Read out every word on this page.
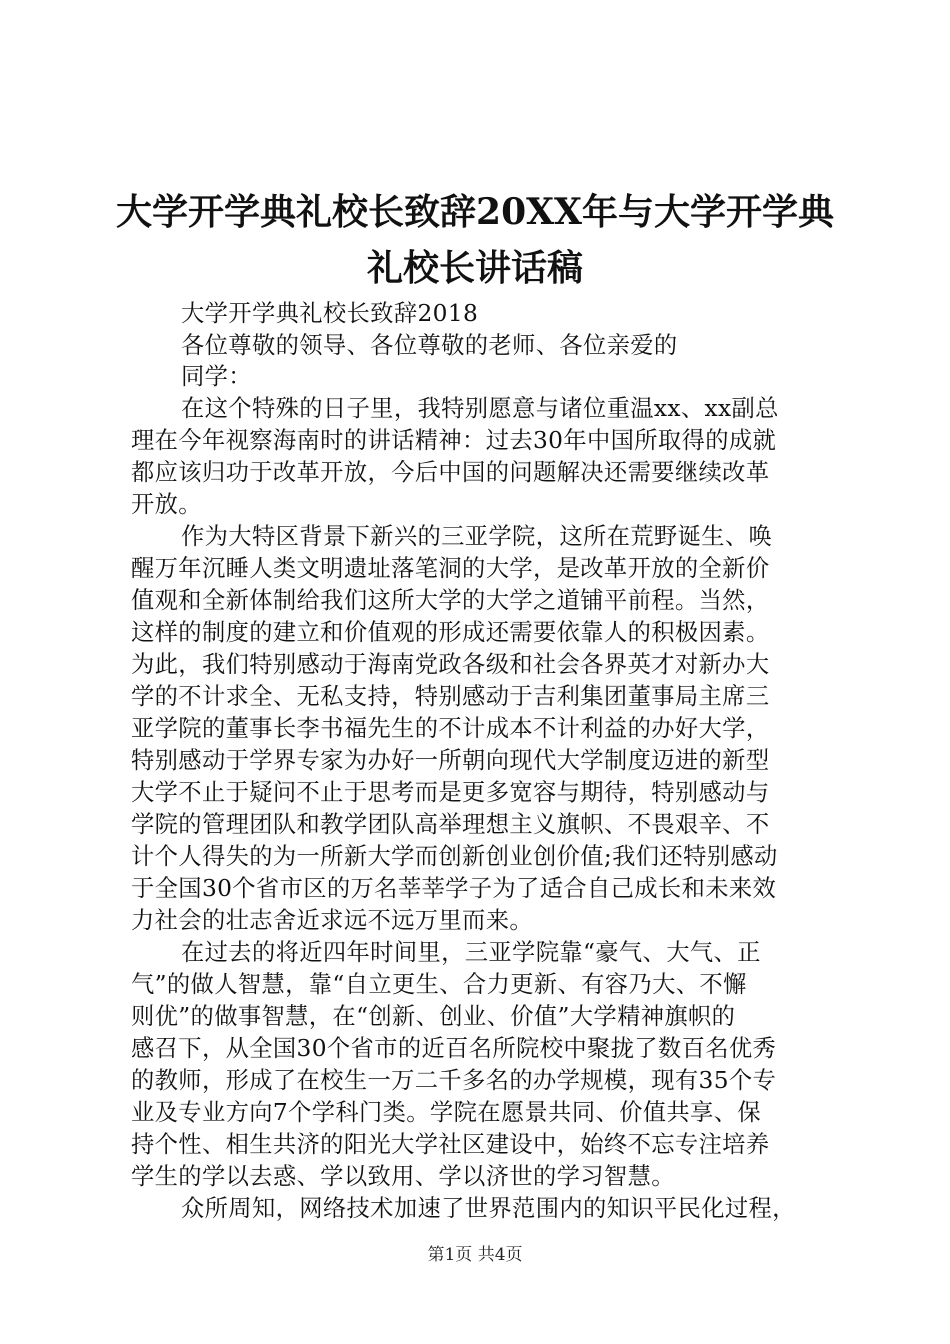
大学开学典礼校长致辞20XX年与大学开学典
礼校长讲话稿
大学开学典礼校长致辞2018
各位尊敬的领导、各位尊敬的老师、各位亲爱的
同学：
在这个特殊的日子里，我特别愿意与诸位重温xx、xx副总
理在今年视察海南时的讲话精神：过去30年中国所取得的成就
都应该归功于改革开放，今后中国的问题解决还需要继续改革
开放。
作为大特区背景下新兴的三亚学院，这所在荒野诞生、唤
醒万年沉睡人类文明遗址落笔洞的大学，是改革开放的全新价
值观和全新体制给我们这所大学的大学之道铺平前程。当然，
这样的制度的建立和价值观的形成还需要依靠人的积极因素。
为此，我们特别感动于海南党政各级和社会各界英才对新办大
学的不计求全、无私支持，特别感动于吉利集团董事局主席三
亚学院的董事长李书福先生的不计成本不计利益的办好大学，
特别感动于学界专家为办好一所朝向现代大学制度迈进的新型
大学不止于疑问不止于思考而是更多宽容与期待，特别感动与
学院的管理团队和教学团队高举理想主义旗帜、不畏艰辛、不
计个人得失的为一所新大学而创新创业创价值;我们还特别感动
于全国30个省市区的万名莘莘学子为了适合自己成长和未来效
力社会的壮志舍近求远不远万里而来。
在过去的将近四年时间里，三亚学院靠“豪气、大气、正
气”的做人智慧，靠“自立更生、合力更新、有容乃大、不懈
则优”的做事智慧，在“创新、创业、价值”大学精神旗帜的
感召下，从全国30个省市的近百名所院校中聚拢了数百名优秀
的教师，形成了在校生一万二千多名的办学规模，现有35个专
业及专业方向7个学科门类。学院在愿景共同、价值共享、保
持个性、相生共济的阳光大学社区建设中，始终不忘专注培养
学生的学以去惑、学以致用、学以济世的学习智慧。
众所周知，网络技术加速了世界范围内的知识平民化过程，
第1页 共4页
